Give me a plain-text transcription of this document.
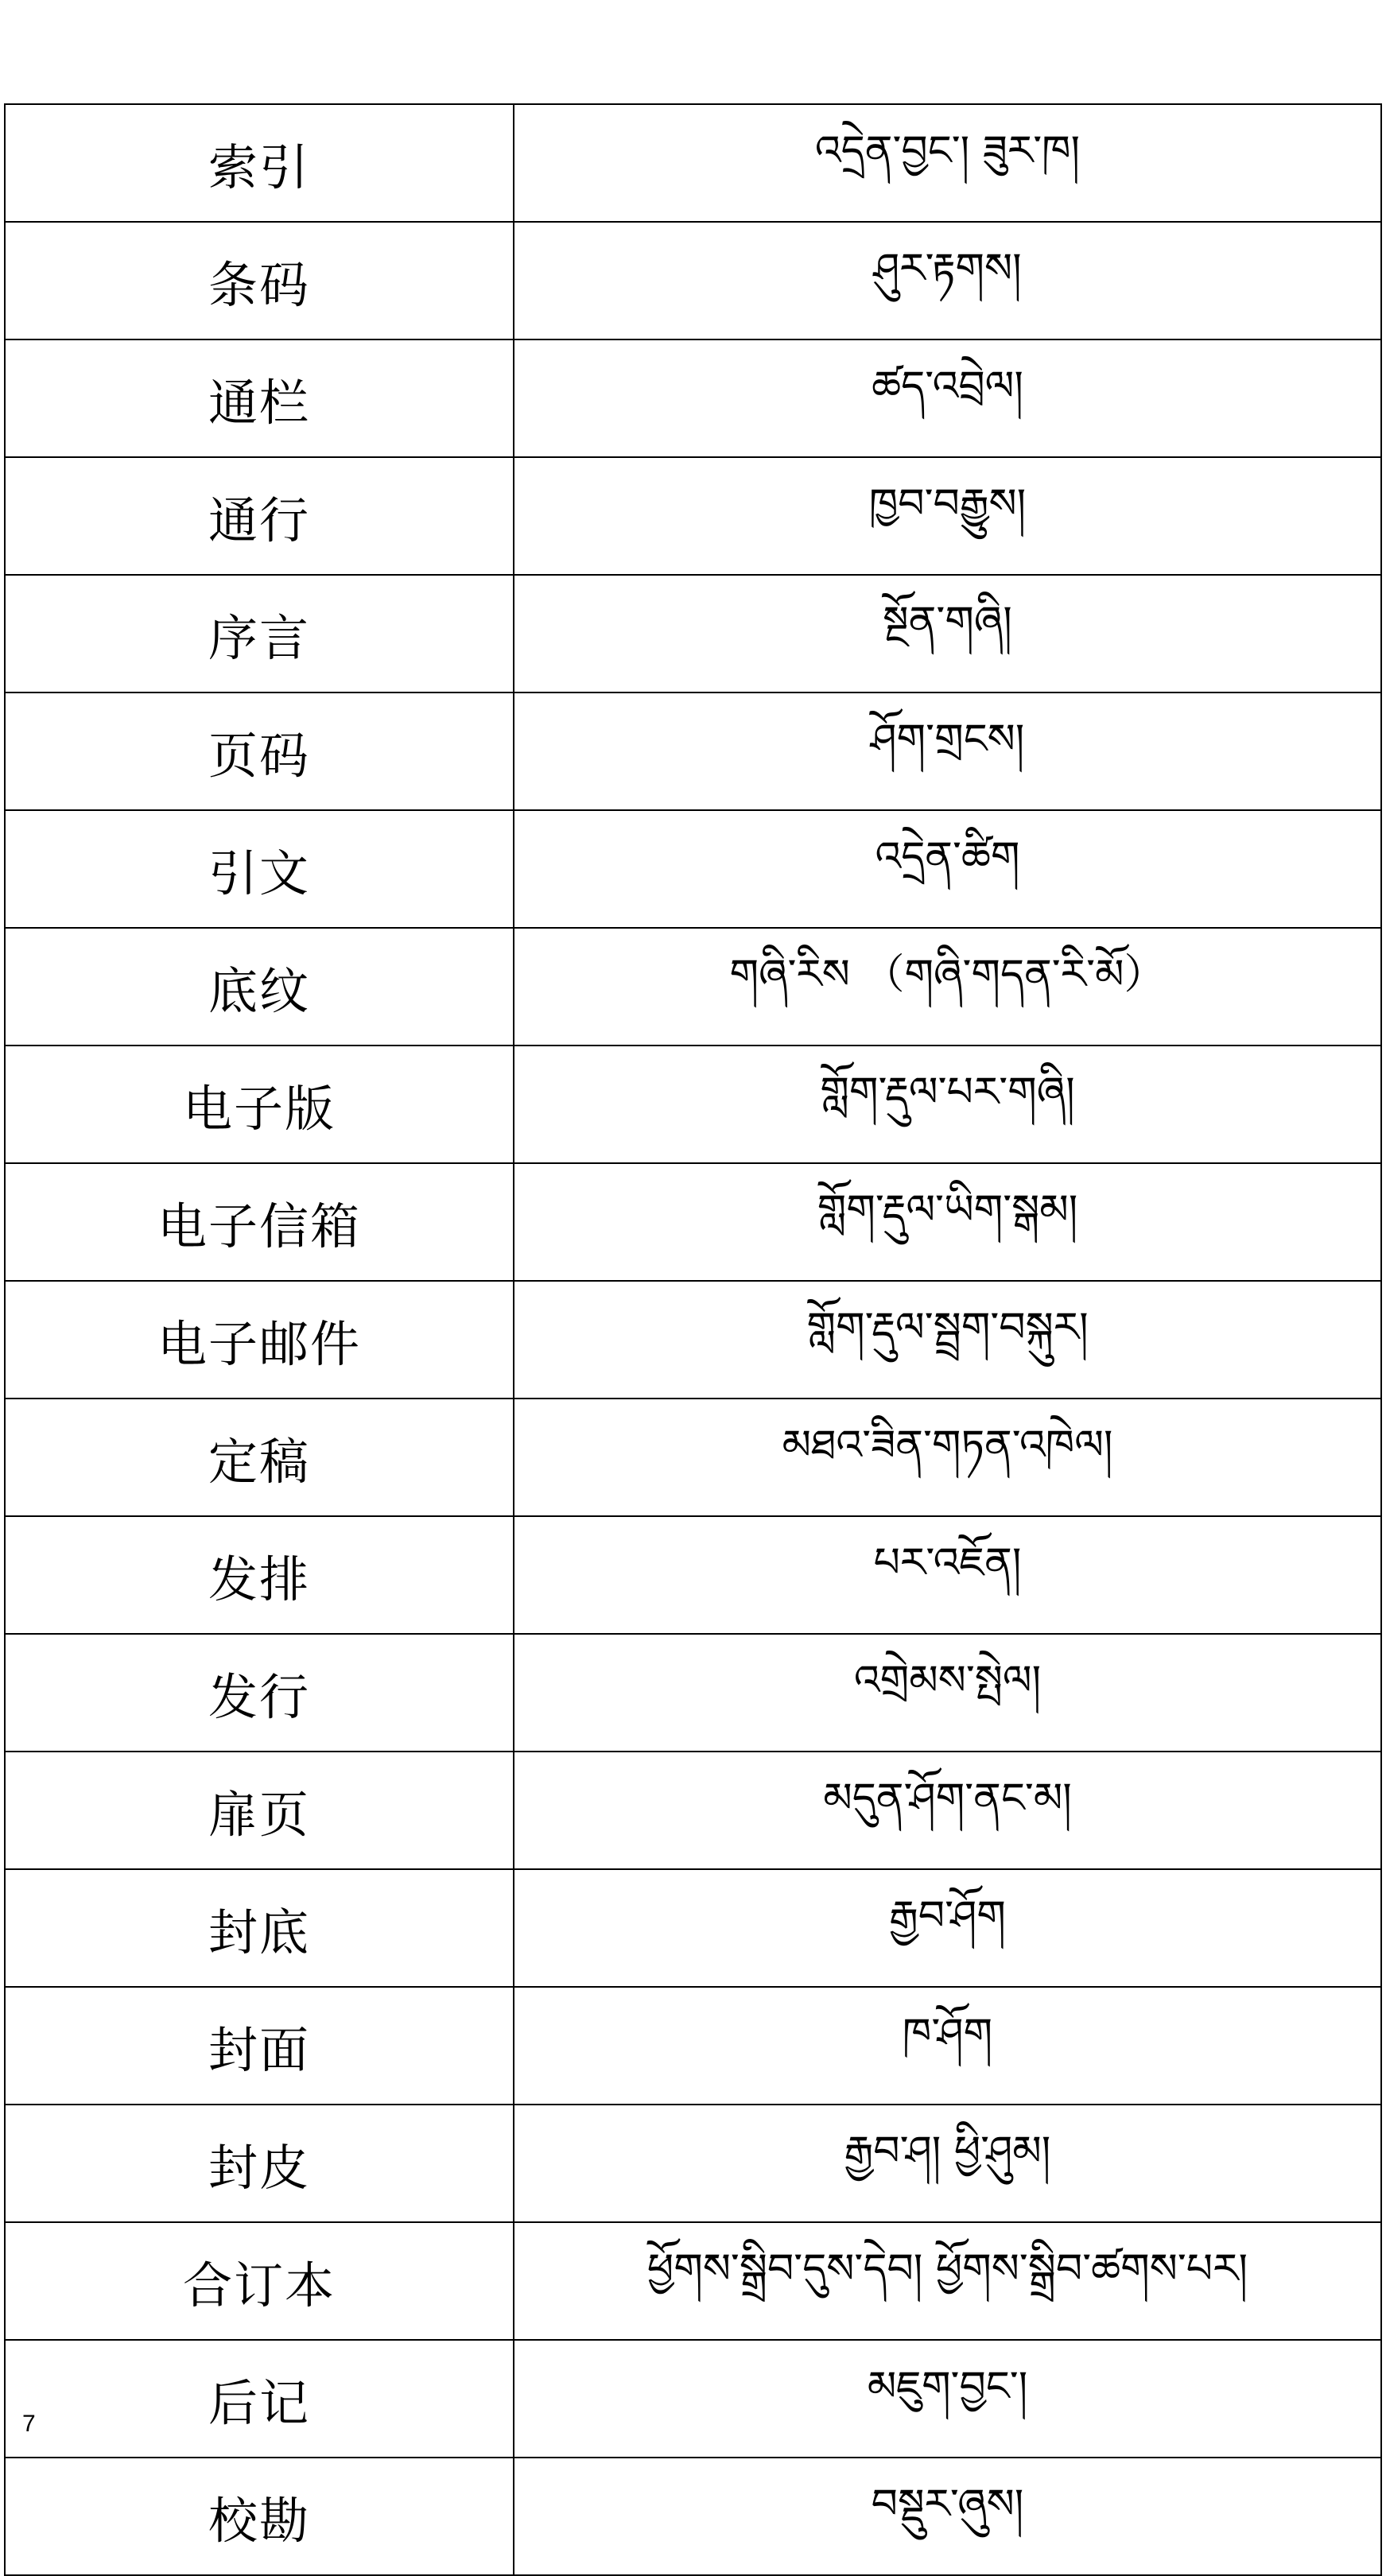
索引	འདྲེན་བྱང་། ཟུར་ཁ།
条码	ཤུར་རྟགས།
通栏	ཚད་འབྲེལ།
通行	ཁྱབ་བརྒྱུས།
序言	སྔོན་གཞི།
页码	ཤོག་གྲངས།
引文	འདྲེན་ཚིག
底纹	གཞི་རིས （གཞི་གདན་རི་མོ）
电子版	གློག་རྡུལ་པར་གཞི།
电子信箱	གློག་རྡུལ་ཡིག་སྒམ།
电子邮件	གློག་རྡུལ་སྦྲག་བསྐུར།
定稿	མཐའ་ཟིན་གཏན་འཁེལ།
发排	པར་འཇོན།
发行	འགྲེམས་སྤེལ།
扉页	མདུན་ཤོག་ནང་མ།
封底	རྒྱབ་ཤོག
封面	ཁ་ཤོག
封皮	རྒྱབ་ཤ། ཕྱི་ཤུམ།
合订本	ཕྱོགས་སྒྲིབ་དུས་དེབ། ཕྱོགས་སྒྲིབ་ཚགས་པར།
后记	མཇུག་བྱང་།
校勘	བསྡུར་ཞུས།
7
